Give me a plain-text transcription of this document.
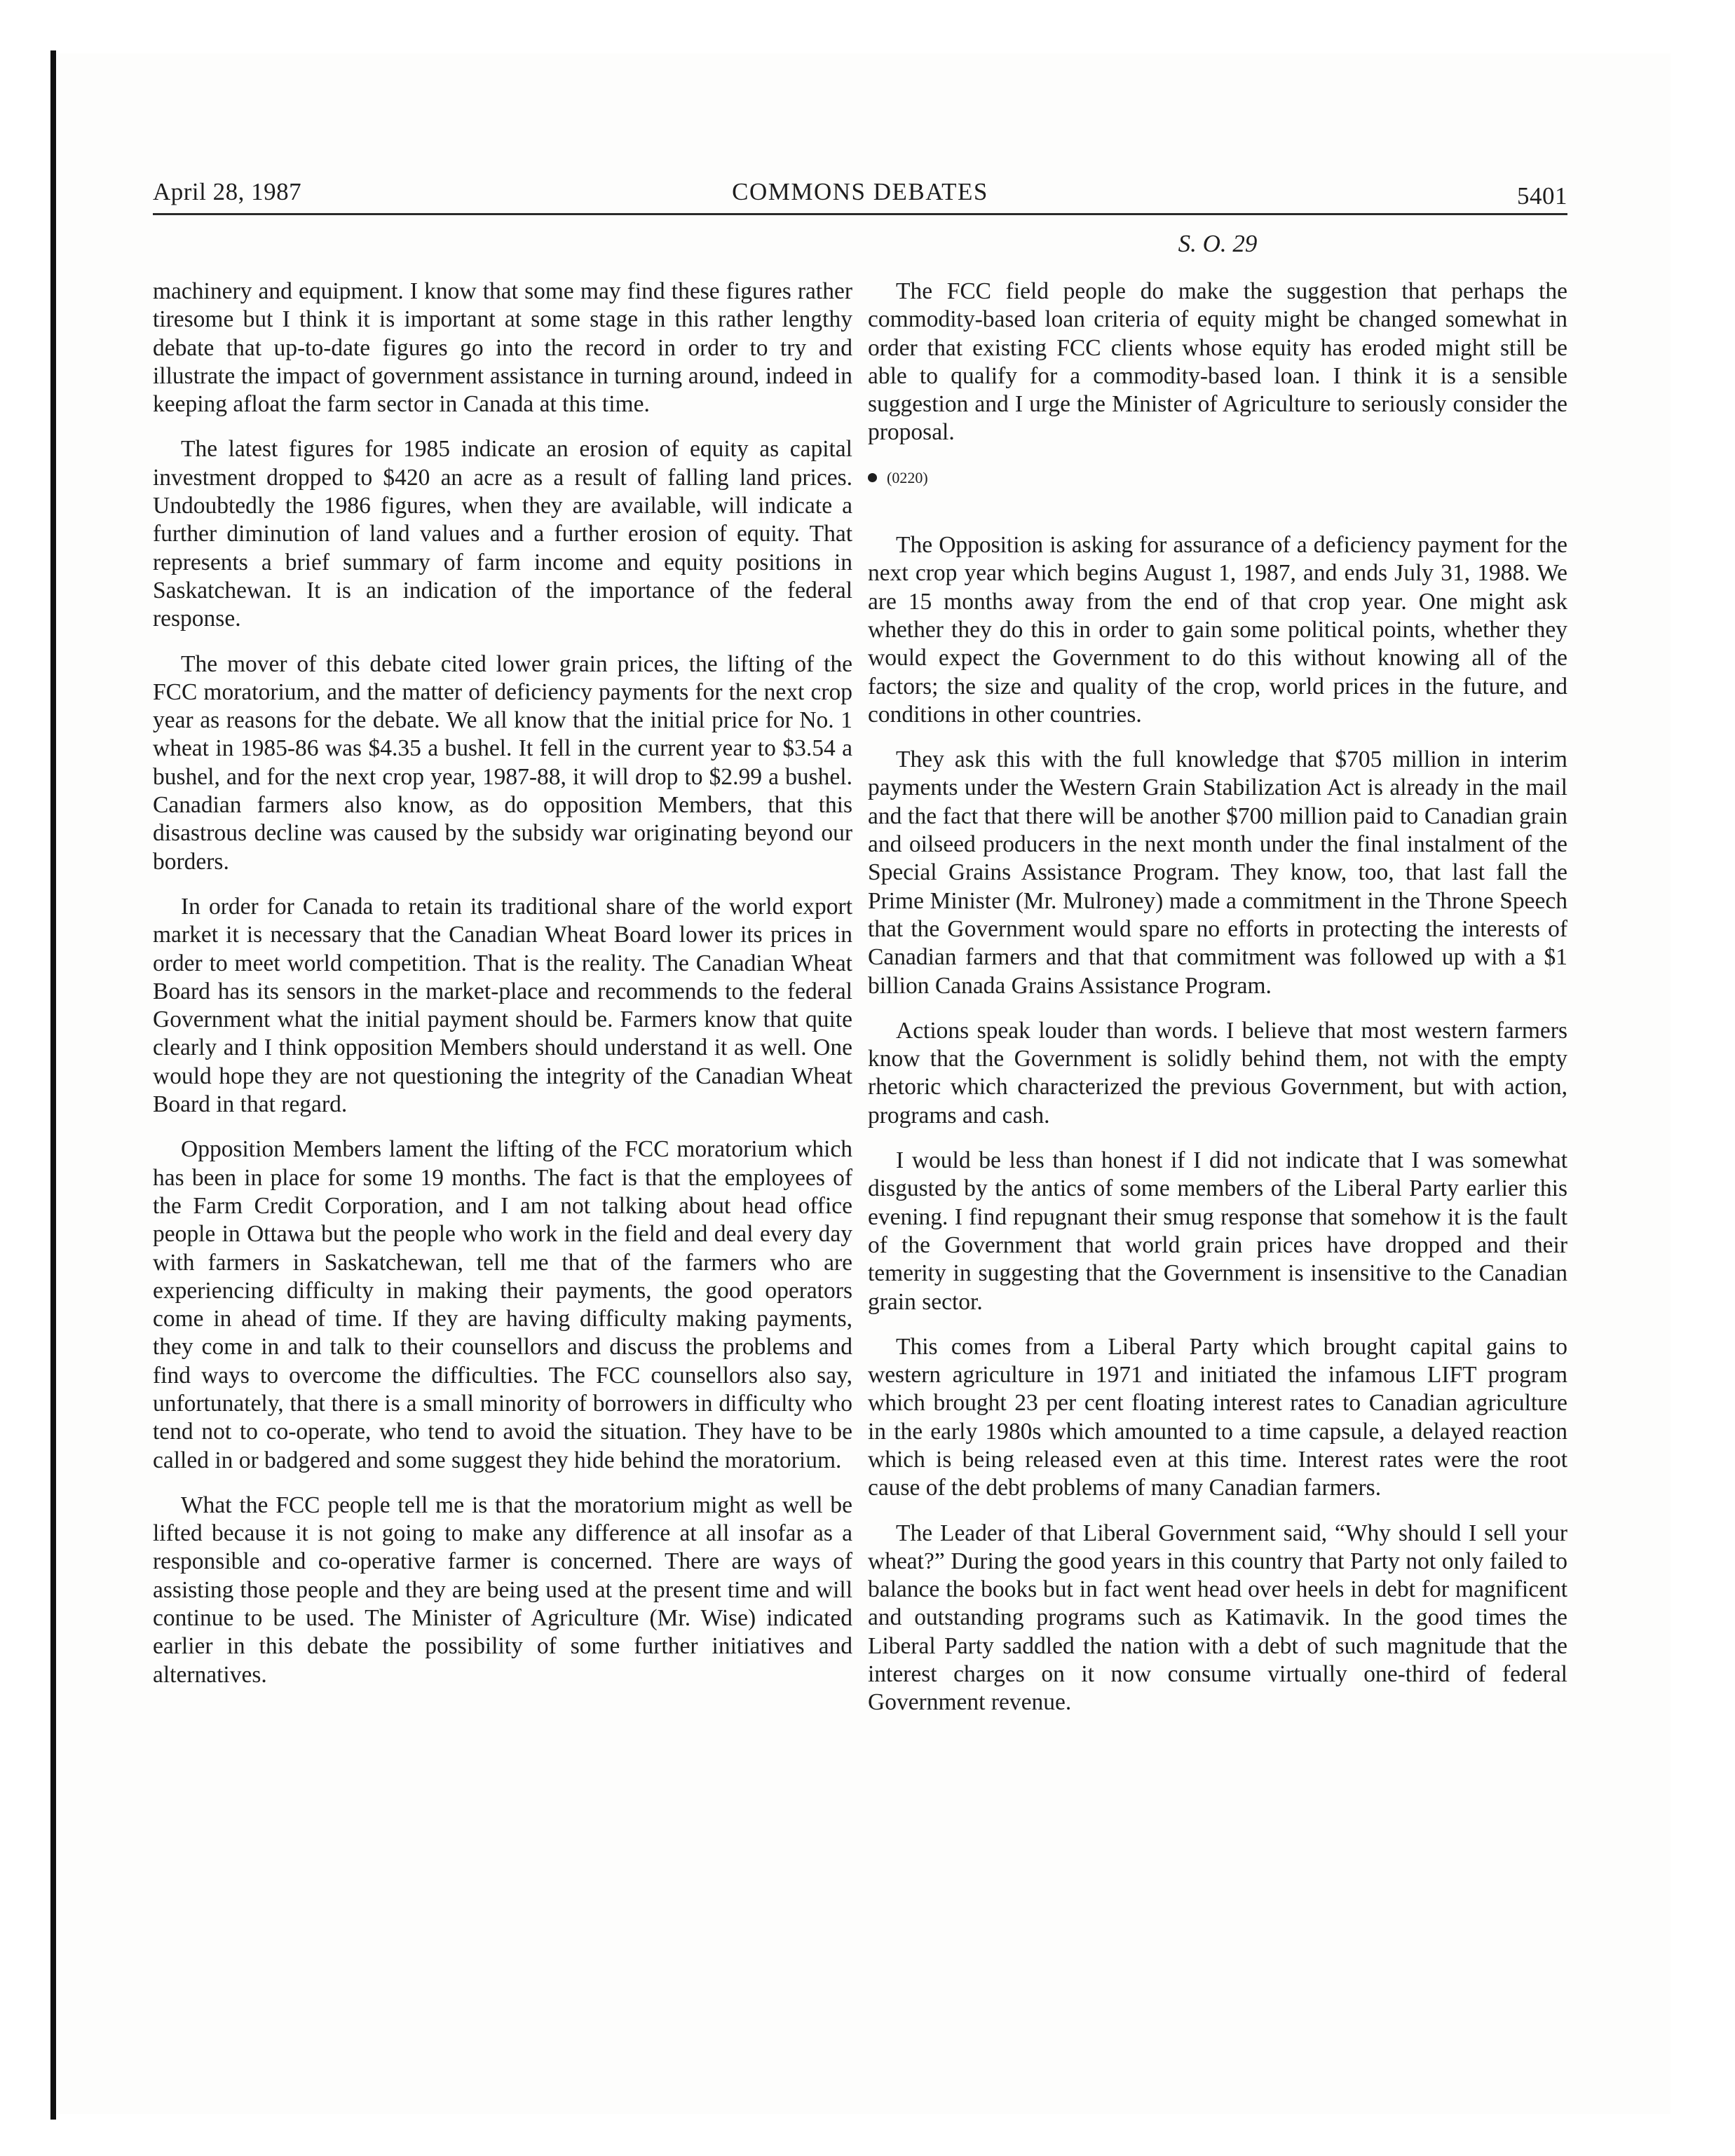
April 28, 1987	COMMONS DEBATES	5401
S. O. 29

machinery and equipment. I know that some may find these figures rather tiresome but I think it is important at some stage in this rather lengthy debate that up-to-date figures go into the record in order to try and illustrate the impact of government assistance in turning around, indeed in keeping afloat the farm sector in Canada at this time.

The latest figures for 1985 indicate an erosion of equity as capital investment dropped to $420 an acre as a result of falling land prices. Undoubtedly the 1986 figures, when they are available, will indicate a further diminution of land values and a further erosion of equity. That represents a brief summary of farm income and equity positions in Saskatchewan. It is an indication of the importance of the federal response.

The mover of this debate cited lower grain prices, the lifting of the FCC moratorium, and the matter of deficiency payments for the next crop year as reasons for the debate. We all know that the initial price for No. 1 wheat in 1985-86 was $4.35 a bushel. It fell in the current year to $3.54 a bushel, and for the next crop year, 1987-88, it will drop to $2.99 a bushel. Canadian farmers also know, as do opposition Members, that this disastrous decline was caused by the subsidy war originating beyond our borders.

In order for Canada to retain its traditional share of the world export market it is necessary that the Canadian Wheat Board lower its prices in order to meet world competition. That is the reality. The Canadian Wheat Board has its sensors in the market-place and recommends to the federal Government what the initial payment should be. Farmers know that quite clearly and I think opposition Members should understand it as well. One would hope they are not questioning the integrity of the Canadian Wheat Board in that regard.

Opposition Members lament the lifting of the FCC moratorium which has been in place for some 19 months. The fact is that the employees of the Farm Credit Corporation, and I am not talking about head office people in Ottawa but the people who work in the field and deal every day with farmers in Saskatchewan, tell me that of the farmers who are experiencing difficulty in making their payments, the good operators come in ahead of time. If they are having difficulty making payments, they come in and talk to their counsellors and discuss the problems and find ways to overcome the difficulties. The FCC counsellors also say, unfortunately, that there is a small minority of borrowers in difficulty who tend not to co-operate, who tend to avoid the situation. They have to be called in or badgered and some suggest they hide behind the moratorium.

What the FCC people tell me is that the moratorium might as well be lifted because it is not going to make any difference at all insofar as a responsible and co-operative farmer is concerned. There are ways of assisting those people and they are being used at the present time and will continue to be used. The Minister of Agriculture (Mr. Wise) indicated earlier in this debate the possibility of some further initiatives and alternatives.

The FCC field people do make the suggestion that perhaps the commodity-based loan criteria of equity might be changed somewhat in order that existing FCC clients whose equity has eroded might still be able to qualify for a commodity-based loan. I think it is a sensible suggestion and I urge the Minister of Agriculture to seriously consider the proposal.

(0220)

The Opposition is asking for assurance of a deficiency payment for the next crop year which begins August 1, 1987, and ends July 31, 1988. We are 15 months away from the end of that crop year. One might ask whether they do this in order to gain some political points, whether they would expect the Government to do this without knowing all of the factors; the size and quality of the crop, world prices in the future, and conditions in other countries.

They ask this with the full knowledge that $705 million in interim payments under the Western Grain Stabilization Act is already in the mail and the fact that there will be another $700 million paid to Canadian grain and oilseed producers in the next month under the final instalment of the Special Grains Assistance Program. They know, too, that last fall the Prime Minister (Mr. Mulroney) made a commitment in the Throne Speech that the Government would spare no efforts in protecting the interests of Canadian farmers and that that commitment was followed up with a $1 billion Canada Grains Assistance Program.

Actions speak louder than words. I believe that most western farmers know that the Government is solidly behind them, not with the empty rhetoric which characterized the previous Government, but with action, programs and cash.

I would be less than honest if I did not indicate that I was somewhat disgusted by the antics of some members of the Liberal Party earlier this evening. I find repugnant their smug response that somehow it is the fault of the Government that world grain prices have dropped and their temerity in suggesting that the Government is insensitive to the Canadian grain sector.

This comes from a Liberal Party which brought capital gains to western agriculture in 1971 and initiated the infamous LIFT program which brought 23 per cent floating interest rates to Canadian agriculture in the early 1980s which amounted to a time capsule, a delayed reaction which is being released even at this time. Interest rates were the root cause of the debt problems of many Canadian farmers.

The Leader of that Liberal Government said, “Why should I sell your wheat?” During the good years in this country that Party not only failed to balance the books but in fact went head over heels in debt for magnificent and outstanding programs such as Katimavik. In the good times the Liberal Party saddled the nation with a debt of such magnitude that the interest charges on it now consume virtually one-third of federal Government revenue.
